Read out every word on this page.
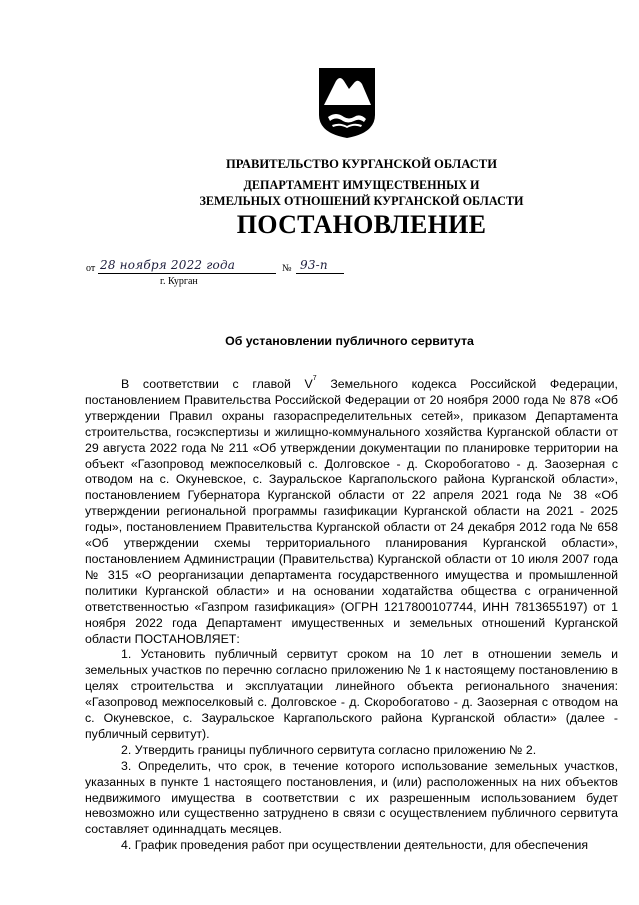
ПРАВИТЕЛЬСТВО КУРГАНСКОЙ ОБЛАСТИ
ДЕПАРТАМЕНТ ИМУЩЕСТВЕННЫХ И
ЗЕМЕЛЬНЫХ ОТНОШЕНИЙ КУРГАНСКОЙ ОБЛАСТИ
ПОСТАНОВЛЕНИЕ
от 28 ноября 2022 года	№ 93-п
г. Курган
Об установлении публичного сервитута

В соответствии с главой $V^7$ Земельного кодекса Российской Федерации, постановлением Правительства Российской Федерации от 20 ноября 2000 года № 878 «Об утверждении Правил охраны газораспределительных сетей», приказом Департамента строительства, госэкспертизы и жилищно-коммунального хозяйства Курганской области от 29 августа 2022 года № 211 «Об утверждении документации по планировке территории на объект «Газопровод межпоселковый с. Долговское - д. Скоробогатово - д. Заозерная с отводом на с. Окуневское, с. Зауральское Каргапольского района Курганской области», постановлением Губернатора Курганской области от 22 апреля 2021 года № 38 «Об утверждении региональной программы газификации Курганской области на 2021 - 2025 годы», постановлением Правительства Курганской области от 24 декабря 2012 года № 658 «Об утверждении схемы территориального планирования Курганской области», постановлением Администрации (Правительства) Курганской области от 10 июля 2007 года № 315 «О реорганизации департамента государственного имущества и промышленной политики Курганской области» и на основании ходатайства общества с ограниченной ответственностью «Газпром газификация» (ОГРН 1217800107744, ИНН 7813655197) от 1 ноября 2022 года Департамент имущественных и земельных отношений Курганской области ПОСТАНОВЛЯЕТ:

1. Установить публичный сервитут сроком на 10 лет в отношении земель и земельных участков по перечню согласно приложению № 1 к настоящему постановлению в целях строительства и эксплуатации линейного объекта регионального значения: «Газопровод межпоселковый с. Долговское - д. Скоробогатово - д. Заозерная с отводом на с. Окуневское, с. Зауральское Каргапольского района Курганской области» (далее - публичный сервитут).

2. Утвердить границы публичного сервитута согласно приложению № 2.

3. Определить, что срок, в течение которого использование земельных участков, указанных в пункте 1 настоящего постановления, и (или) расположенных на них объектов недвижимого имущества в соответствии с их разрешенным использованием будет невозможно или существенно затруднено в связи с осуществлением публичного сервитута составляет одиннадцать месяцев.

4. График проведения работ при осуществлении деятельности, для обеспечения
